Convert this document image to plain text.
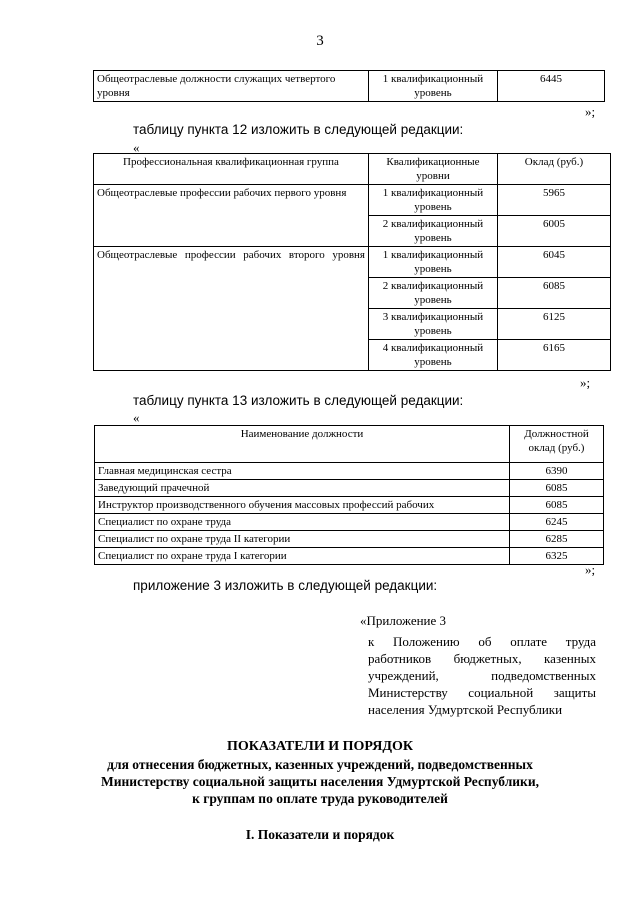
3
Общеотраслевые должности служащих четвертого уровня	1 квалификационный уровень	6445
»;
таблицу пункта 12 изложить в следующей редакции:
«
Профессиональная квалификационная группа	Квалификационные уровни	Оклад (руб.)
Общеотраслевые профессии рабочих первого уровня	1 квалификационный уровень	5965
	2 квалификационный уровень	6005
Общеотраслевые профессии рабочих второго уровня	1 квалификационный уровень	6045
	2 квалификационный уровень	6085
	3 квалификационный уровень	6125
	4 квалификационный уровень	6165
»;
таблицу пункта 13 изложить в следующей редакции:
«
Наименование должности	Должностной оклад (руб.)
Главная медицинская сестра	6390
Заведующий прачечной	6085
Инструктор производственного обучения массовых профессий рабочих	6085
Специалист по охране труда	6245
Специалист по охране труда II категории	6285
Специалист по охране труда I категории	6325
»;
приложение 3 изложить в следующей редакции:
«Приложение 3
к Положению об оплате труда
работников бюджетных, казенных
учреждений, подведомственных
Министерству социальной защиты
населения Удмуртской Республики
ПОКАЗАТЕЛИ И ПОРЯДОК
для отнесения бюджетных, казенных учреждений, подведомственных
Министерству социальной защиты населения Удмуртской Республики,
к группам по оплате труда руководителей
I. Показатели и порядок
